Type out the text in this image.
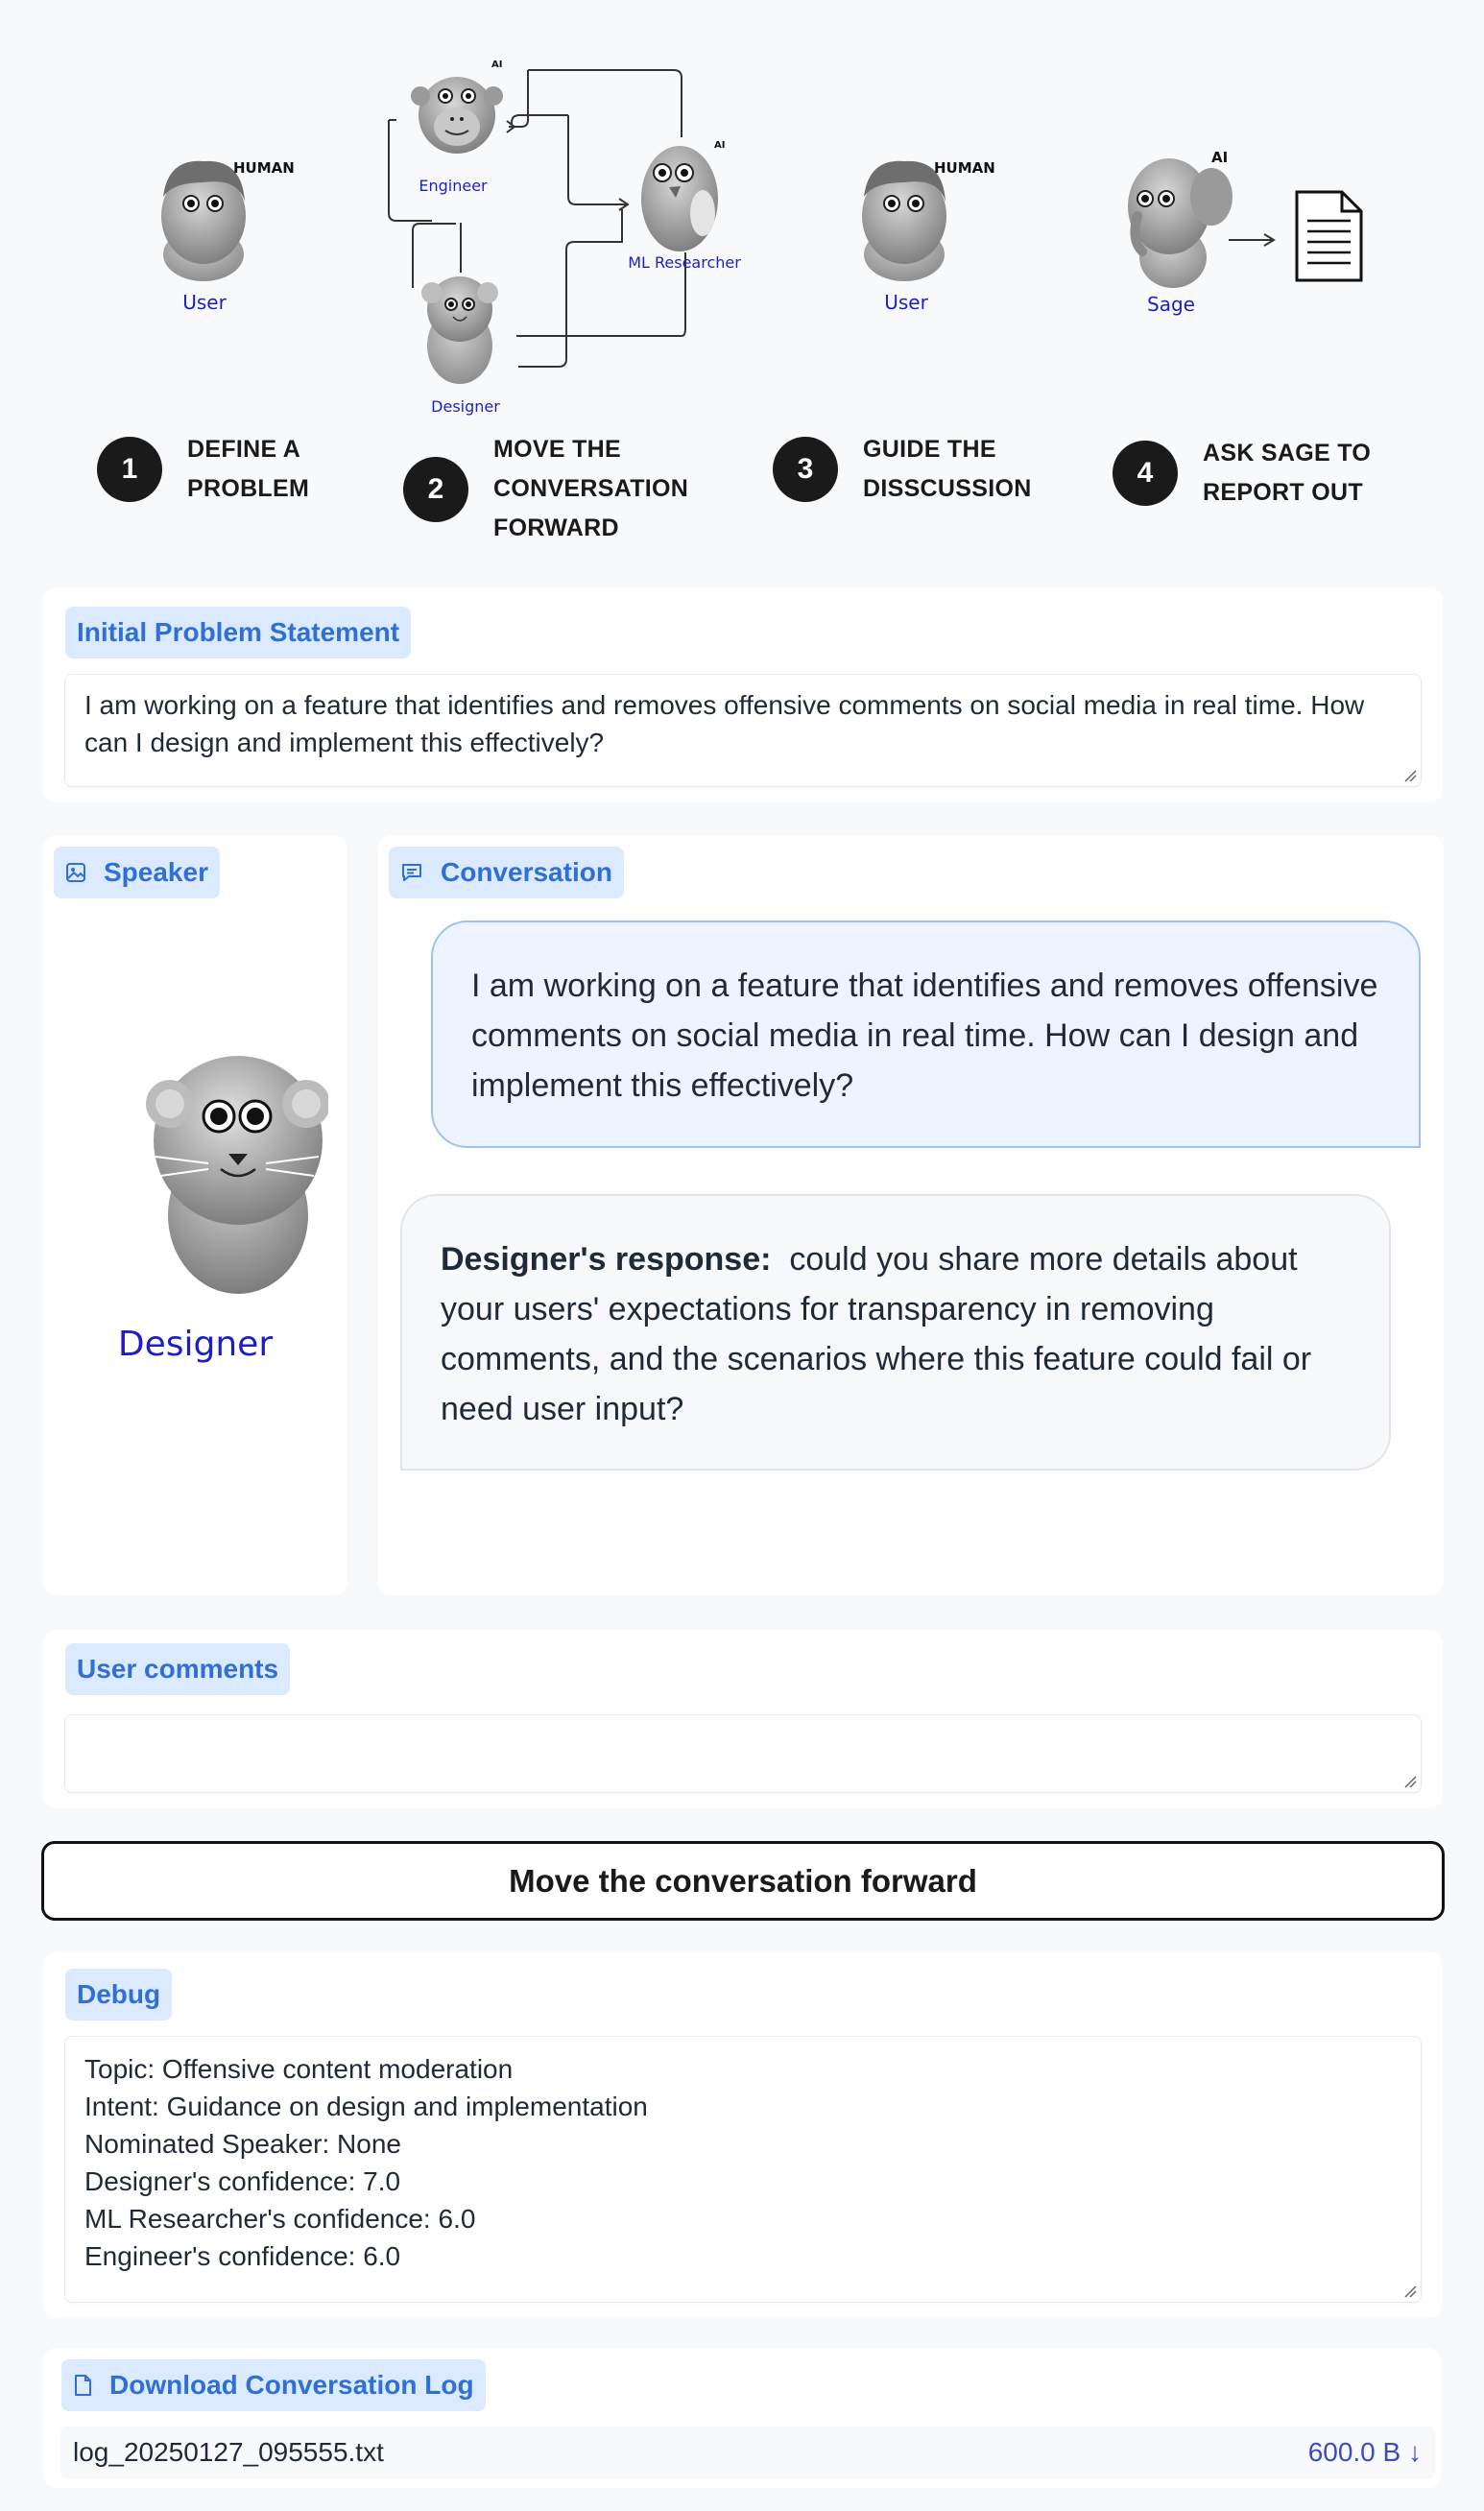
HUMAN
User
AI
Engineer
AI
ML Researcher
Designer
HUMAN
User
AI
Sage
1
DEFINE A
PROBLEM	2
MOVE THE
CONVERSATION
FORWARD
3
GUIDE THE
DISSCUSSION	4
ASK SAGE TO
REPORT OUT
Initial Problem Statement
I am working on a feature that identifies and removes offensive comments on social media in real time. How can I design and implement this effectively?
Speaker
Designer
Conversation
I am working on a feature that identifies and removes offensive comments on social media in real time. How can I design and implement this effectively?
Designer's response: could you share more details about your users' expectations for transparency in removing comments, and the scenarios where this feature could fail or need user input?
User comments
Move the conversation forward
Debug
Topic: Offensive content moderation
Intent: Guidance on design and implementation
Nominated Speaker: None
Designer's confidence: 7.0
ML Researcher's confidence: 6.0
Engineer's confidence: 6.0
Download Conversation Log
log_20250127_095555.txt	600.0 B ↓
